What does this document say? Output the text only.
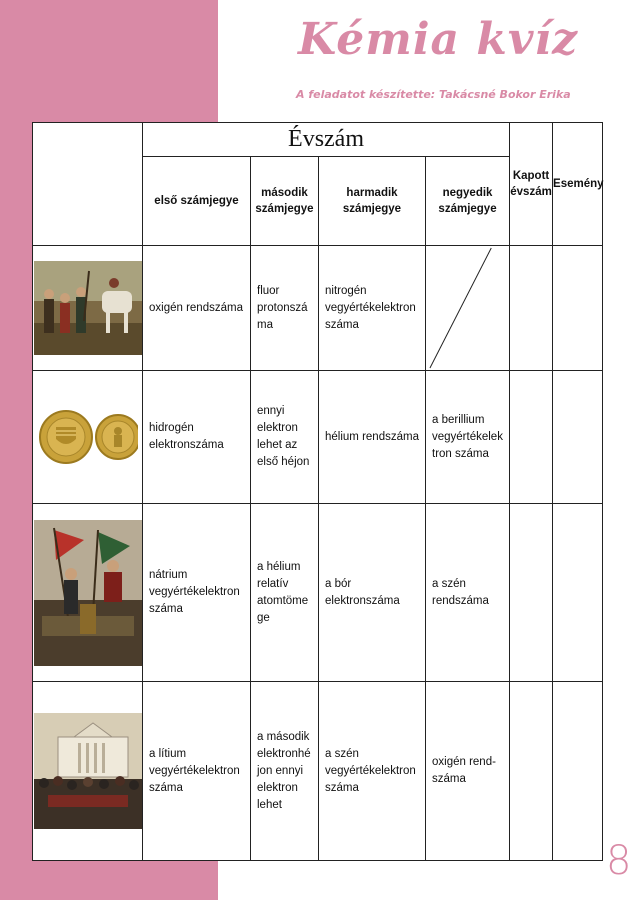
Kémia kvíz
A feladatot készítette: Takácsné Bokor Erika
	Évszám				Kapott évszám	Esemény
	első számjegye	második számjegye	harmadik számjegye	negyedik számjegye		

	oxigén rendszáma	fluor protonszáma	nitrogén vegyértékelektronszáma	

	hidrogén elektronszáma	ennyi elektron lehet az első héjon	hélium rendszáma	a berillium vegyértékelektron száma		

	nátrium vegyértékelektron száma	a hélium relatív atomtömege	a bór elektronszáma	a szén rendszáma		

	a lítium vegyértékelektronszáma	a második elektronhéjon ennyi elektron lehet	a szén vegyértékelektronszáma	oxigén rend-száma		
8
